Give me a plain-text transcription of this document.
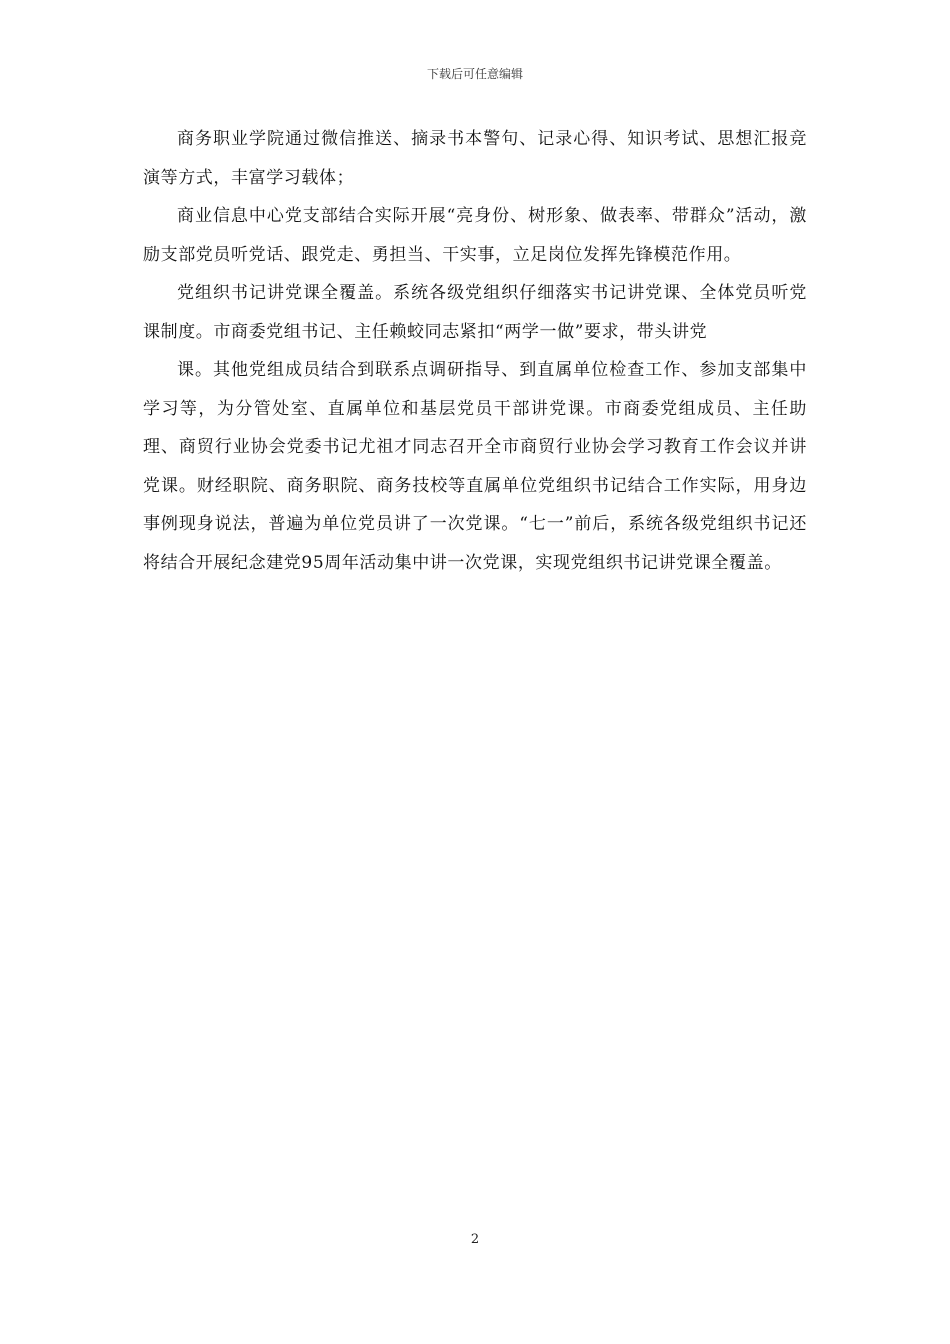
下载后可任意编辑

商务职业学院通过微信推送、摘录书本警句、记录心得、知识考试、思想汇报竞演等方式，丰富学习载体；

商业信息中心党支部结合实际开展“亮身份、树形象、做表率、带群众”活动，激励支部党员听党话、跟党走、勇担当、干实事，立足岗位发挥先锋模范作用。

党组织书记讲党课全覆盖。系统各级党组织仔细落实书记讲党课、全体党员听党课制度。市商委党组书记、主任赖蛟同志紧扣“两学一做”要求，带头讲党

课。其他党组成员结合到联系点调研指导、到直属单位检查工作、参加支部集中学习等，为分管处室、直属单位和基层党员干部讲党课。市商委党组成员、主任助理、商贸行业协会党委书记尤祖才同志召开全市商贸行业协会学习教育工作会议并讲党课。财经职院、商务职院、商务技校等直属单位党组织书记结合工作实际，用身边事例现身说法，普遍为单位党员讲了一次党课。“七一”前后，系统各级党组织书记还将结合开展纪念建党95周年活动集中讲一次党课，实现党组织书记讲党课全覆盖。

2
